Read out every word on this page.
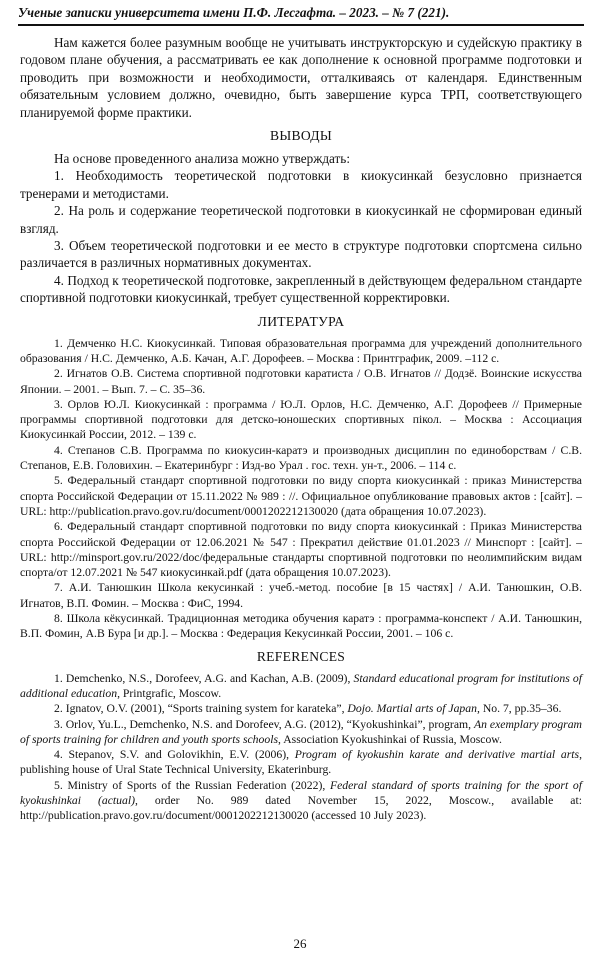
Ученые записки университета имени П.Ф. Лесгафта. – 2023. – № 7 (221).

Нам кажется более разумным вообще не учитывать инструкторскую и судейскую практику в годовом плане обучения, а рассматривать ее как дополнение к основной программе подготовки и проводить при возможности и необходимости, отталкиваясь от календаря. Единственным обязательным условием должно, очевидно, быть завершение курса ТРП, соответствующего планируемой форме практики.

ВЫВОДЫ

На основе проведенного анализа можно утверждать:

1. Необходимость теоретической подготовки в киокусинкай безусловно признается тренерами и методистами.

2. На роль и содержание теоретической подготовки в киокусинкай не сформирован единый взгляд.

3. Объем теоретической подготовки и ее место в структуре подготовки спортсмена сильно различается в различных нормативных документах.

4. Подход к теоретической подготовке, закрепленный в действующем федеральном стандарте спортивной подготовки киокусинкай, требует существенной корректировки.

ЛИТЕРАТУРА

1. Демченко Н.С. Киокусинкай. Типовая образовательная программа для учреждений дополнительного образования / Н.С. Демченко, А.Б. Качан, А.Г. Дорофеев. – Москва : Принтграфик, 2009. –112 с.

2. Игнатов О.В. Система спортивной подготовки каратиста / О.В. Игнатов // Додзё. Воинские искусства Японии. – 2001. – Вып. 7. – С. 35–36.

3. Орлов Ю.Л. Киокусинкай : программа / Ю.Л. Орлов, Н.С. Демченко, А.Г. Дорофеев // Примерные программы спортивной подготовки для детско-юношеских спортивных пікол. – Москва : Ассоциация Киокусинкай России, 2012. – 139 с.

4. Степанов С.В. Программа по киокусин-каратэ и производных дисциплин по единоборствам / С.В. Степанов, Е.В. Головихин. – Екатеринбург : Изд-во Урал . гос. техн. ун-т., 2006. – 114 с.

5. Федеральный стандарт спортивной подготовки по виду спорта киокусинкай : приказ Министерства спорта Российской Федерации от 15.11.2022 № 989 : //. Официальное опубликование правовых актов : [сайт]. – URL: http://publication.pravo.gov.ru/document/0001202212130020 (дата обращения 10.07.2023).

6. Федеральный стандарт спортивной подготовки по виду спорта киокусинкай : Приказ Министерства спорта Российской Федерации от 12.06.2021 № 547 : Прекратил действие 01.01.2023 // Минспорт : [сайт]. – URL: http://minsport.gov.ru/2022/doc/федеральные стандарты спортивной подготовки по неолимпийским видам спорта/от 12.07.2021 № 547 киокусинкай.pdf (дата обращения 10.07.2023).

7. А.И. Танюшкин Школа кекусинкай : учеб.-метод. пособие [в 15 частях] / А.И. Танюшкин, О.В. Игнатов, В.П. Фомин. – Москва : ФиС, 1994.

8. Школа кёкусинкай. Традиционная методика обучения каратэ : программа-конспект / А.И. Танюшкин, В.П. Фомин, А.В Бура [и др.]. – Москва : Федерация Кекусинкай России, 2001. – 106 с.

REFERENCES

1. Demchenko, N.S., Dorofeev, A.G. and Kachan, A.B. (2009), Standard educational program for institutions of additional education, Printgrafic, Moscow.

2. Ignatov, O.V. (2001), “Sports training system for karateka”, Dojo. Martial arts of Japan, No. 7, pp.35–36.

3. Orlov, Yu.L., Demchenko, N.S. and Dorofeev, A.G. (2012), “Kyokushinkai”, program, An exemplary program of sports training for children and youth sports schools, Association Kyokushinkai of Russia, Moscow.

4. Stepanov, S.V. and Golovikhin, E.V. (2006), Program of kyokushin karate and derivative martial arts, publishing house of Ural State Technical University, Ekaterinburg.

5. Ministry of Sports of the Russian Federation (2022), Federal standard of sports training for the sport of kyokushinkai (actual), order No. 989 dated November 15, 2022, Moscow., available at: http://publication.pravo.gov.ru/document/0001202212130020 (accessed 10 July 2023).

26
